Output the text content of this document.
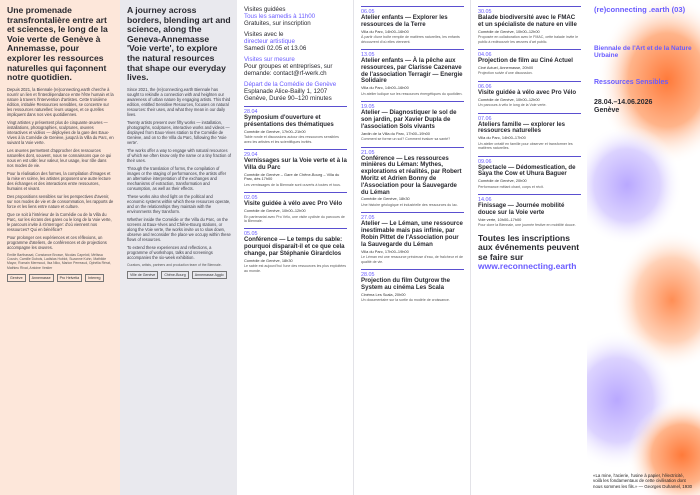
Une promenade transfrontalière entre art et sciences, le long de la Voie verte de Genève à Annemasse, pour explorer les ressources naturelles qui façonnent notre quotidien.

Depuis 2021, la Biennale (re)connecting.earth cherche à nourrir un lien et l'interdépendance entre l'être humain et la nature à travers l'intervention d'artistes. Cette troisième édition, intitulée Ressources sensibles, se concentre sur les ressources naturelles: leurs usages, et ce qu'elles impliquent dans nos vies quotidiennes.

Vingt artistes y présentent plus de cinquante œuvres — installations, photographies, sculptures, œuvres interactives et vidéos — déployées de la gare des Eaux-Vives à la Comédie de Genève, jusqu'à la Villa du Parc, en suivant la Voie verte.

Les œuvres permettent d'approcher des ressources naturelles dont, souvent, nous ne connaissons que ce qui nous en est utile: leur valeur, leur usage, leur rôle dans nos modes de vie.

Pour la réalisation des formes, la compilation d'images et la mise en scène, les artistes proposent une autre lecture des échanges et des interactions entre ressources, humains et vivant.

Des propositions sensibles sur les perspectives d'avenir, sur nos modes de vie et de consommation, les rapports de force et les liens entre nature et culture.

Que ce soit à l'intérieur de la Comédie ou de la Villa du Parc, sur les écrans des gares ou le long de la Voie verte, le parcours invite à s'interroger: d'où viennent nos ressources? Qui en bénéficie?

Pour prolonger ces expériences et ces réflexions, un programme d'ateliers, de conférences et de projections accompagne les œuvres.

Emilie Barthassat, Constance Brosse, Nicolas Capeloti, Mélissa Cousin, Camille Dubois, Ladislas Hublot, Suzanne Kuhn, Mathilde Mayor, Romain Mermoud, Ilsa Niko, Marion Perreaud, Ophélia Rérat, Mathieu Rivat, Antoine Vestier
Genève	Annemasse	Pro Helvetia	Interreg

A journey across borders, blending art and science, along the Geneva-Annemasse 'Voie verte', to explore the natural resources that shape our everyday lives.

Since 2021, the (re)connecting.earth Biennale has sought to rekindle a connection with and heighten our awareness of urban nature by engaging artists. This third edition, entitled Sensitive Resources, focuses on natural resources: their uses, and what they mean in our daily lives.

Twenty artists present over fifty works — installation, photographs, sculptures, interactive works and videos — displayed from Eaux-Vives station to the Comédie de Genève, and on to the Villa du Parc, following the 'Voie verte'.

The works offer a way to engage with natural resources of which we often know only the name or a tiny fraction of their uses.

Through the translation of forms, the compilation of images or the staging of performances, the artists offer an alternative interpretation of the exchanges and mechanisms of extraction, transformation and consumption, as well as their effects.

These works also shed light on the political and economic systems within which these resources operate, and on the relationships they maintain with the environments they transform.

Whether inside the Comédie or the Villa du Parc, on the screens at Eaux-Vives and Chêne-Bourg stations, or along the Voie verte, the works invite us to slow down, observe and reconsider the place we occupy within these flows of resources.

To extend these experiences and reflections, a programme of workshops, talks and screenings accompanies the six-week exhibition.

Curators, artists, partners and production team of the Biennale.
Ville de Genève	Chêne-Bourg	Annemasse Agglo
Visites guidées
Tous les samedis à 11h00
Gratuites, sur inscription
Visites avec le
directeur artistique
Samedi 02.05 et 13.06
Visites sur mesure
Pour groupes et entreprises, sur demande: contact@rf-werk.ch
Départ de la Comédie de Genève
Esplanade Alice-Bailly 1, 1207 Genève, Durée 90–120 minutes
28.04
Symposium d'ouverture et présentations des thématiques
Comédie de Genève, 17h00–21h00
Table ronde et discussions autour des ressources sensibles avec les artistes et les scientifiques invités.
29.04
Vernissages sur la Voie verte et à la Villa du Parc
Comédie de Genève – Gare de Chêne-Bourg – Villa du Parc, dès 17h00
Les vernissages de la Biennale sont ouverts à toutes et tous.
02.05
Visite guidée à vélo avec Pro Vélo
Comédie de Genève, 10h00–12h00
En partenariat avec Pro Vélo, une visite cycliste du parcours de la Biennale.
05.05
Conférence — Le temps du sable: pourquoi disparaît-il et ce que cela change, par Stéphanie Girardclos
Comédie de Genève, 18h30
Le sable est aujourd'hui l'une des ressources les plus exploitées au monde.
06.05
Atelier enfants — Explorer les ressources de la Terre
Villa du Parc, 14h00–16h00
À partir d'une boîte remplie de matières naturelles, les enfants découvrent d'où elles viennent.
13.05
Atelier enfants — À la pêche aux ressources, par Clarisse Cazenave de l'association Terragir — Energie Solidaire
Villa du Parc, 14h00–16h00
Un atelier ludique sur les ressources énergétiques du quotidien.
19.05
Atelier — Diagnostiquer le sol de son jardin, par Xavier Dupla de l'association Sols vivants
Jardin de la Villa du Parc, 17h00–19h00
Comment se forme un sol? Comment évaluer sa santé?
21.05
Conférence — Les ressources minières du Léman: Mythes, explorations et réalités, par Robert Moritz et Adrien Bonny de l'Association pour la Sauvegarde du Léman
Comédie de Genève, 18h30
Une histoire géologique et industrielle des ressources du lac.
27.05
Atelier — Le Léman, une ressource inestimable mais pas infinie, par Robin Pittet de l'Association pour la Sauvegarde du Léman
Villa du Parc, 17h00–19h00
Le Léman est une ressource précieuse d'eau, de fraîcheur et de qualité de vie.
28.05
Projection du film Outgrow the System au cinéma Les Scala
Cinéma Les Scala, 20h00
Un documentaire sur la sortie du modèle de croissance.
30.05
Balade biodiversité avec le FMAC et un spécialiste de nature en ville
Comédie de Genève, 10h00–12h00
Proposée en collaboration avec le FMAC, cette balade invite le public à redécouvrir les œuvres d'art public.
04.06
Projection de film au Ciné Actuel
Ciné Actuel, Annemasse, 20h00
Projection suivie d'une discussion.
06.06
Visite guidée à vélo avec Pro Vélo
Comédie de Genève, 10h00–12h00
Un parcours à vélo le long de la Voie verte.
07.06
Ateliers famille — explorer les ressources naturelles
Villa du Parc, 14h00–17h00
Un atelier créatif en famille pour observer et transformer les matières naturelles.
09.06
Spectacle — Dédomestication, de Saya the Cow et Uhura Baguer
Comédie de Genève, 20h00
Performance mêlant chant, corps et récit.
14.06
Finissage — Journée mobilité douce sur la Voie verte
Voie verte, 10h00–17h00
Pour clore la Biennale, une journée festive en mobilité douce.
Toutes les inscriptions aux événements peuvent se faire sur
www.reconnecting.earth
(re)connecting .earth (03)
Biennale de l'Art et de la Nature Urbaine
Ressources Sensibles
28.04.–14.06.2026
Genève
«La mine, l'acierie, l'usine à papier, l'électricité, voilà les fondamentaux de cette civilisation dont nous sommes les fils.» — Georges Duhamel, 1930
